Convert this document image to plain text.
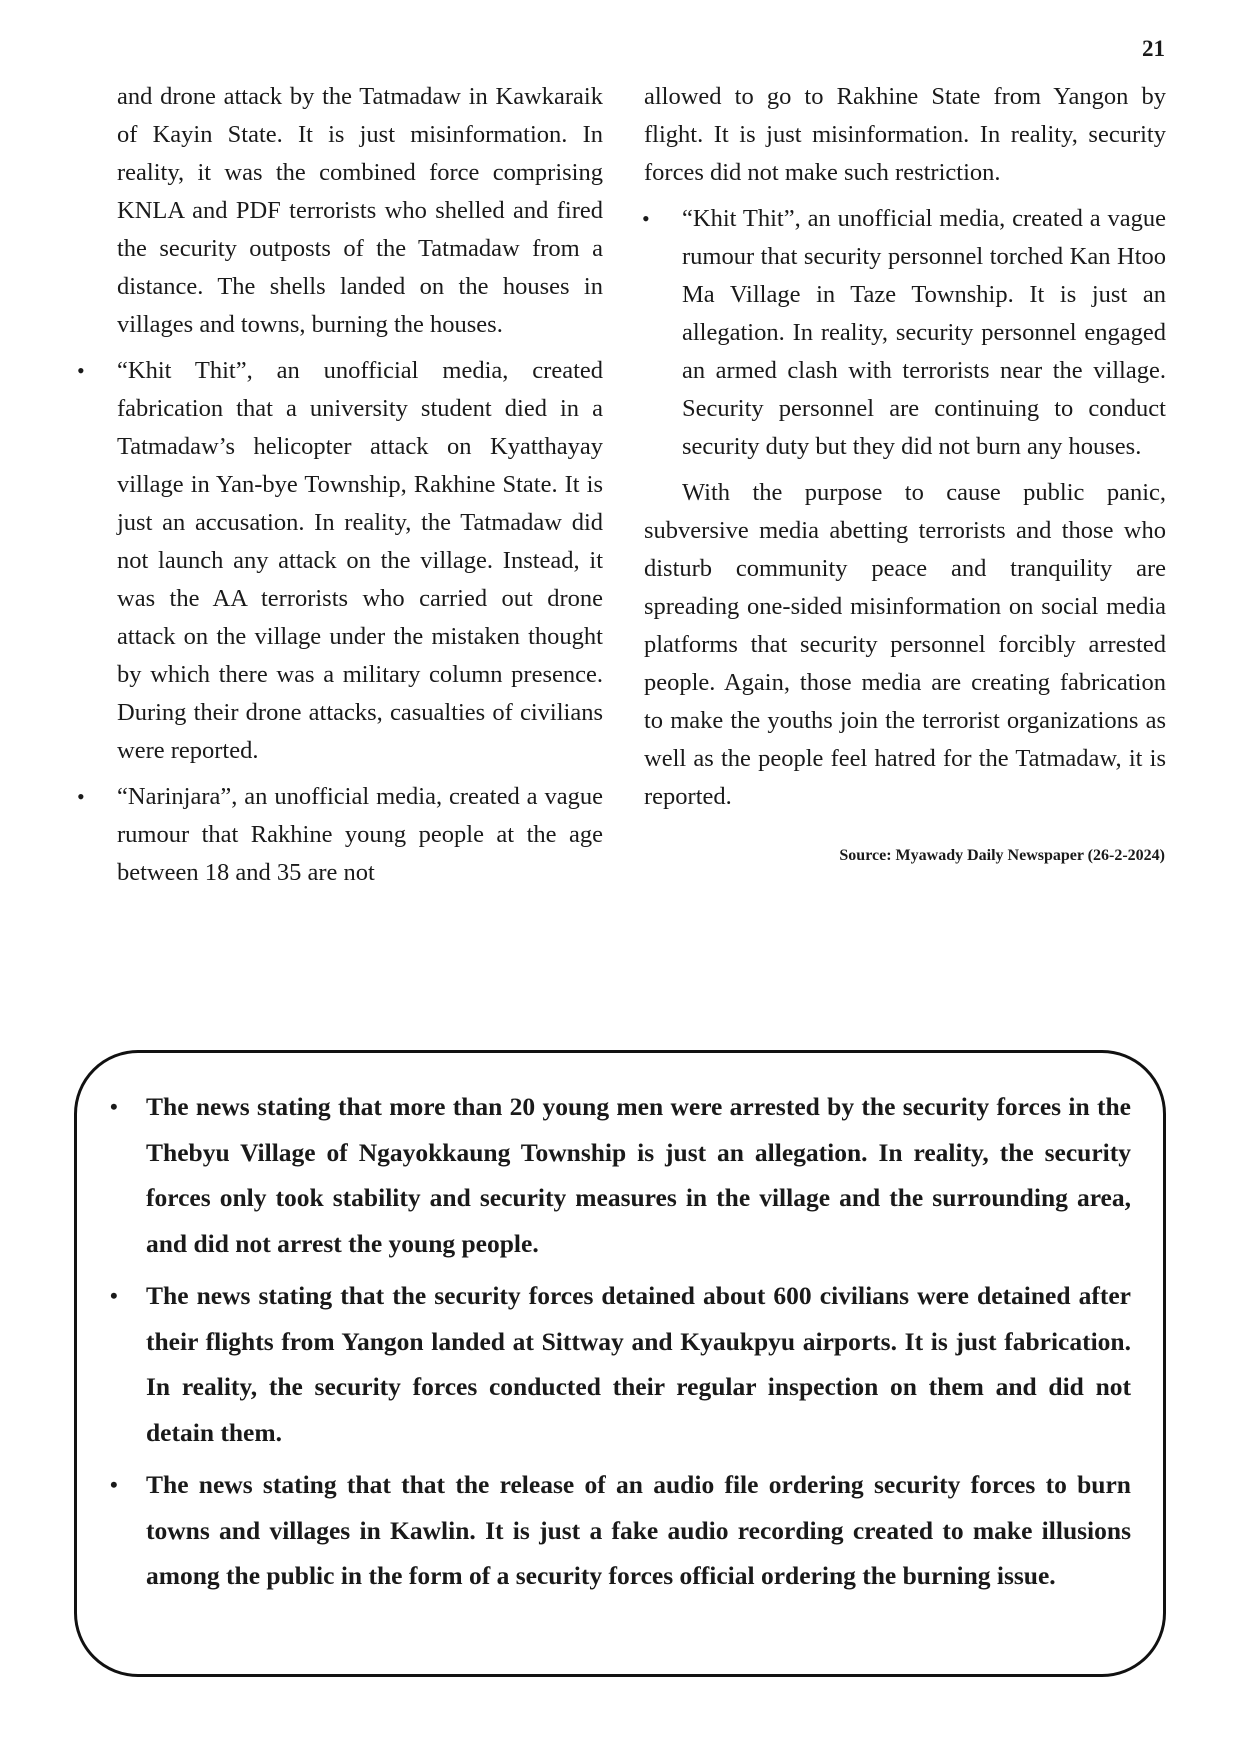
21

and drone attack by the Tatmadaw in Kawkaraik of Kayin State. It is just misinformation. In reality, it was the combined force comprising KNLA and PDF terrorists who shelled and fired the security outposts of the Tatmadaw from a distance. The shells landed on the houses in villages and towns, burning the houses.

• “Khit Thit”, an unofficial media, created fabrication that a university student died in a Tatmadaw’s helicopter attack on Kyatthayay village in Yan-bye Township, Rakhine State. It is just an accusation. In reality, the Tatmadaw did not launch any attack on the village. Instead, it was the AA terrorists who carried out drone attack on the village under the mistaken thought by which there was a military column presence. During their drone attacks, casualties of civilians were reported.
• “Narinjara”, an unofficial media, created a vague rumour that Rakhine young people at the age between 18 and 35 are not

allowed to go to Rakhine State from Yangon by flight. It is just misinformation. In reality, security forces did not make such restriction.

• “Khit Thit”, an unofficial media, created a vague rumour that security personnel torched Kan Htoo Ma Village in Taze Township. It is just an allegation. In reality, security personnel engaged an armed clash with terrorists near the village. Security personnel are continuing to conduct security duty but they did not burn any houses.

With the purpose to cause public panic, subversive media abetting terrorists and those who disturb community peace and tranquility are spreading one-sided misinformation on social media platforms that security personnel forcibly arrested people. Again, those media are creating fabrication to make the youths join the terrorist organizations as well as the people feel hatred for the Tatmadaw, it is reported.

Source: Myawady Daily Newspaper (26-2-2024)
• The news stating that more than 20 young men were arrested by the security forces in the Thebyu Village of Ngayokkaung Township is just an allegation. In reality, the security forces only took stability and security measures in the village and the surrounding area, and did not arrest the young people.
• The news stating that the security forces detained about 600 civilians were detained after their flights from Yangon landed at Sittway and Kyaukpyu airports. It is just fabrication. In reality, the security forces conducted their regular inspection on them and did not detain them.
• The news stating that that the release of an audio file ordering security forces to burn towns and villages in Kawlin. It is just a fake audio recording created to make illusions among the public in the form of a security forces official ordering the burning issue.
